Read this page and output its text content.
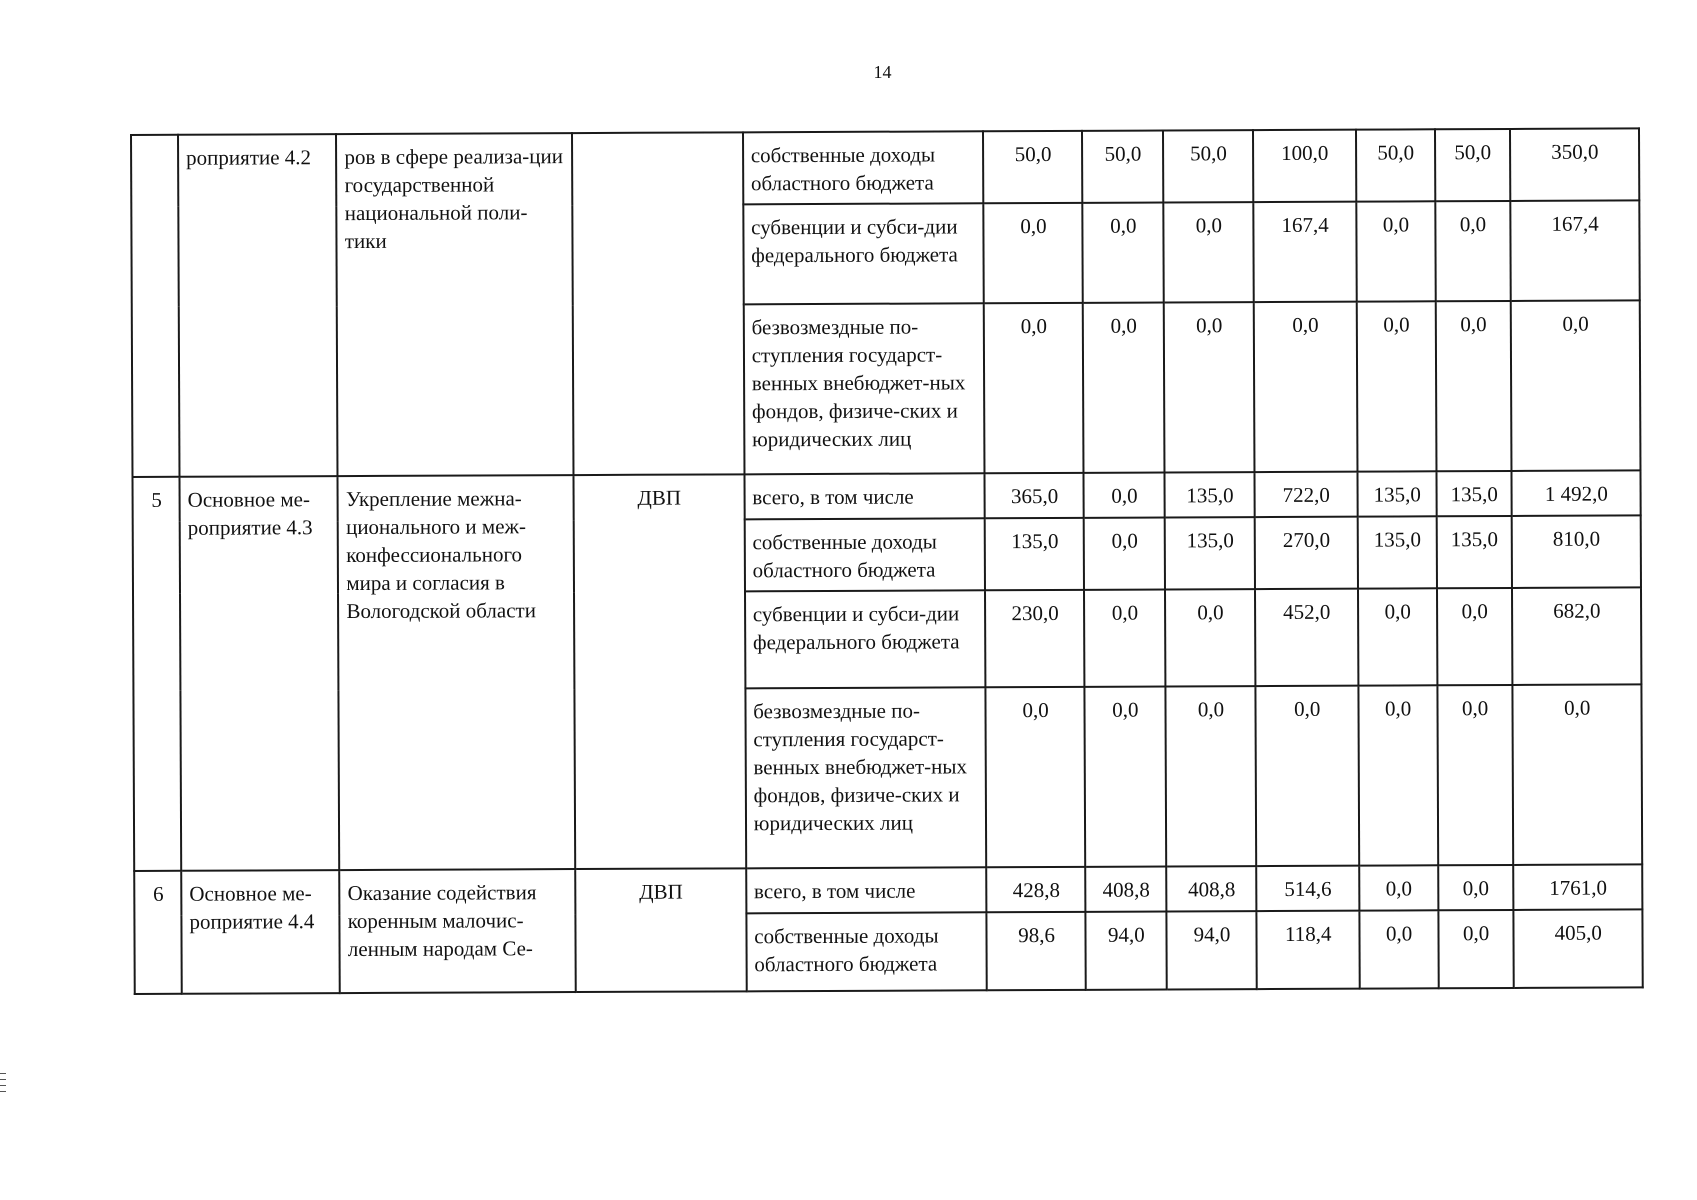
14
	роприятие 4.2	ров в сфере реализа-ции государственной национальной поли-тики		собственные доходы областного бюджета	50,0	50,0	50,0	100,0	50,0	50,0	350,0
				субвенции и субси-дии федерального бюджета	0,0	0,0	0,0	167,4	0,0	0,0	167,4
				безвозмездные по-ступления государст-венных внебюджет-ных фондов, физиче-ских и юридических лиц	0,0	0,0	0,0	0,0	0,0	0,0	0,0
5	Основное ме-роприятие 4.3	Укрепление межна-ционального и меж-конфессионального мира и согласия в Вологодской области	ДВП	всего, в том числе	365,0	0,0	135,0	722,0	135,0	135,0	1 492,0
				собственные доходы областного бюджета	135,0	0,0	135,0	270,0	135,0	135,0	810,0
				субвенции и субси-дии федерального бюджета	230,0	0,0	0,0	452,0	0,0	0,0	682,0
				безвозмездные по-ступления государст-венных внебюджет-ных фондов, физиче-ских и юридических лиц	0,0	0,0	0,0	0,0	0,0	0,0	0,0
6	Основное ме-роприятие 4.4	Оказание содействия коренным малочис-ленным народам Се-	ДВП	всего, в том числе	428,8	408,8	408,8	514,6	0,0	0,0	1761,0
				собственные доходы областного бюджета	98,6	94,0	94,0	118,4	0,0	0,0	405,0
